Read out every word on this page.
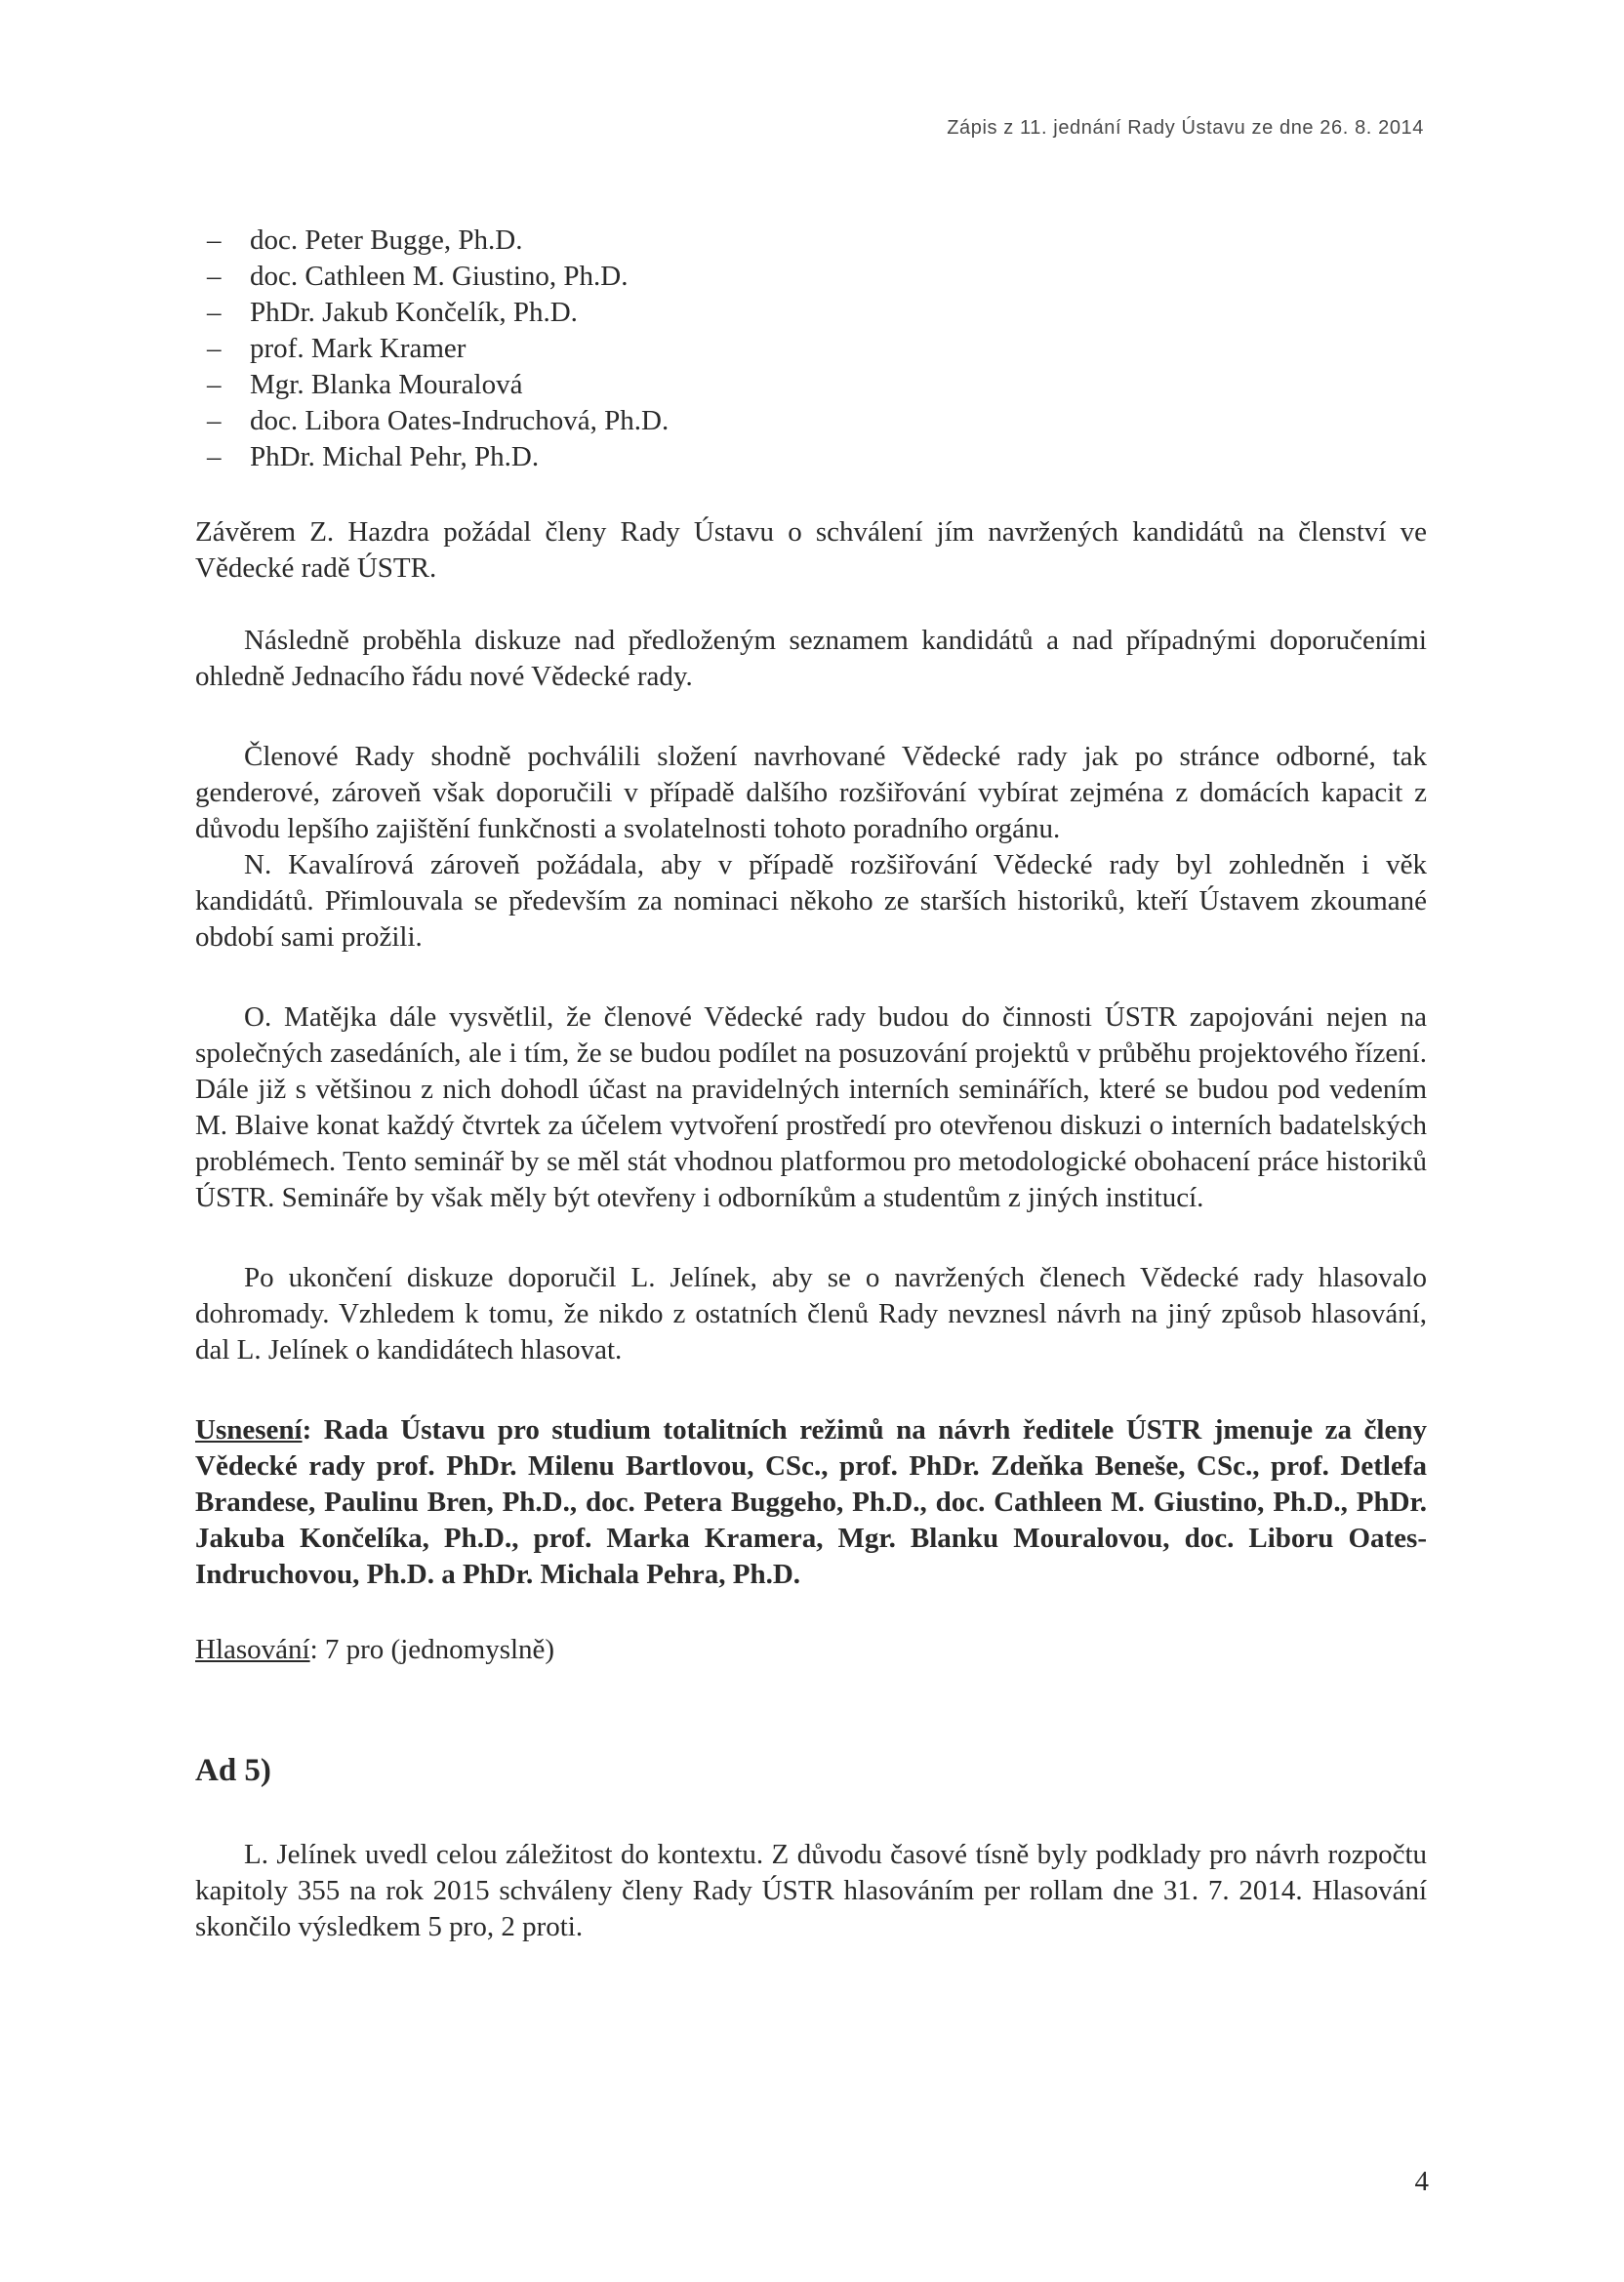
Zápis z 11. jednání Rady Ústavu ze dne 26. 8. 2014
– doc. Peter Bugge, Ph.D.
– doc. Cathleen M. Giustino, Ph.D.
– PhDr. Jakub Končelík, Ph.D.
– prof. Mark Kramer
– Mgr. Blanka Mouralová
– doc. Libora Oates-Indruchová, Ph.D.
– PhDr. Michal Pehr, Ph.D.

Závěrem Z. Hazdra požádal členy Rady Ústavu o schválení jím navržených kandidátů na členství ve Vědecké radě ÚSTR.

Následně proběhla diskuze nad předloženým seznamem kandidátů a nad případnými doporučeními ohledně Jednacího řádu nové Vědecké rady.

Členové Rady shodně pochválili složení navrhované Vědecké rady jak po stránce odborné, tak genderové, zároveň však doporučili v případě dalšího rozšiřování vybírat zejména z domácích kapacit z důvodu lepšího zajištění funkčnosti a svolatelnosti tohoto poradního orgánu.

N. Kavalírová zároveň požádala, aby v případě rozšiřování Vědecké rady byl zohledněn i věk kandidátů. Přimlouvala se především za nominaci někoho ze starších historiků, kteří Ústavem zkoumané období sami prožili.

O. Matějka dále vysvětlil, že členové Vědecké rady budou do činnosti ÚSTR zapojováni nejen na společných zasedáních, ale i tím, že se budou podílet na posuzování projektů v průběhu projektového řízení. Dále již s většinou z nich dohodl účast na pravidelných interních seminářích, které se budou pod vedením M. Blaive konat každý čtvrtek za účelem vytvoření prostředí pro otevřenou diskuzi o interních badatelských problémech. Tento seminář by se měl stát vhodnou platformou pro metodologické obohacení práce historiků ÚSTR. Semináře by však měly být otevřeny i odborníkům a studentům z jiných institucí.

Po ukončení diskuze doporučil L. Jelínek, aby se o navržených členech Vědecké rady hlasovalo dohromady. Vzhledem k tomu, že nikdo z ostatních členů Rady nevznesl návrh na jiný způsob hlasování, dal L. Jelínek o kandidátech hlasovat.

Usnesení: Rada Ústavu pro studium totalitních režimů na návrh ředitele ÚSTR jmenuje za členy Vědecké rady prof. PhDr. Milenu Bartlovou, CSc., prof. PhDr. Zdeňka Beneše, CSc., prof. Detlefa Brandese, Paulinu Bren, Ph.D., doc. Petera Buggeho, Ph.D., doc. Cathleen M. Giustino, Ph.D., PhDr. Jakuba Končelíka, Ph.D., prof. Marka Kramera, Mgr. Blanku Mouralovou, doc. Liboru Oates-Indruchovou, Ph.D. a PhDr. Michala Pehra, Ph.D.

Hlasování: 7 pro (jednomyslně)

Ad 5)

L. Jelínek uvedl celou záležitost do kontextu. Z důvodu časové tísně byly podklady pro návrh rozpočtu kapitoly 355 na rok 2015 schváleny členy Rady ÚSTR hlasováním per rollam dne 31. 7. 2014. Hlasování skončilo výsledkem 5 pro, 2 proti.

4
